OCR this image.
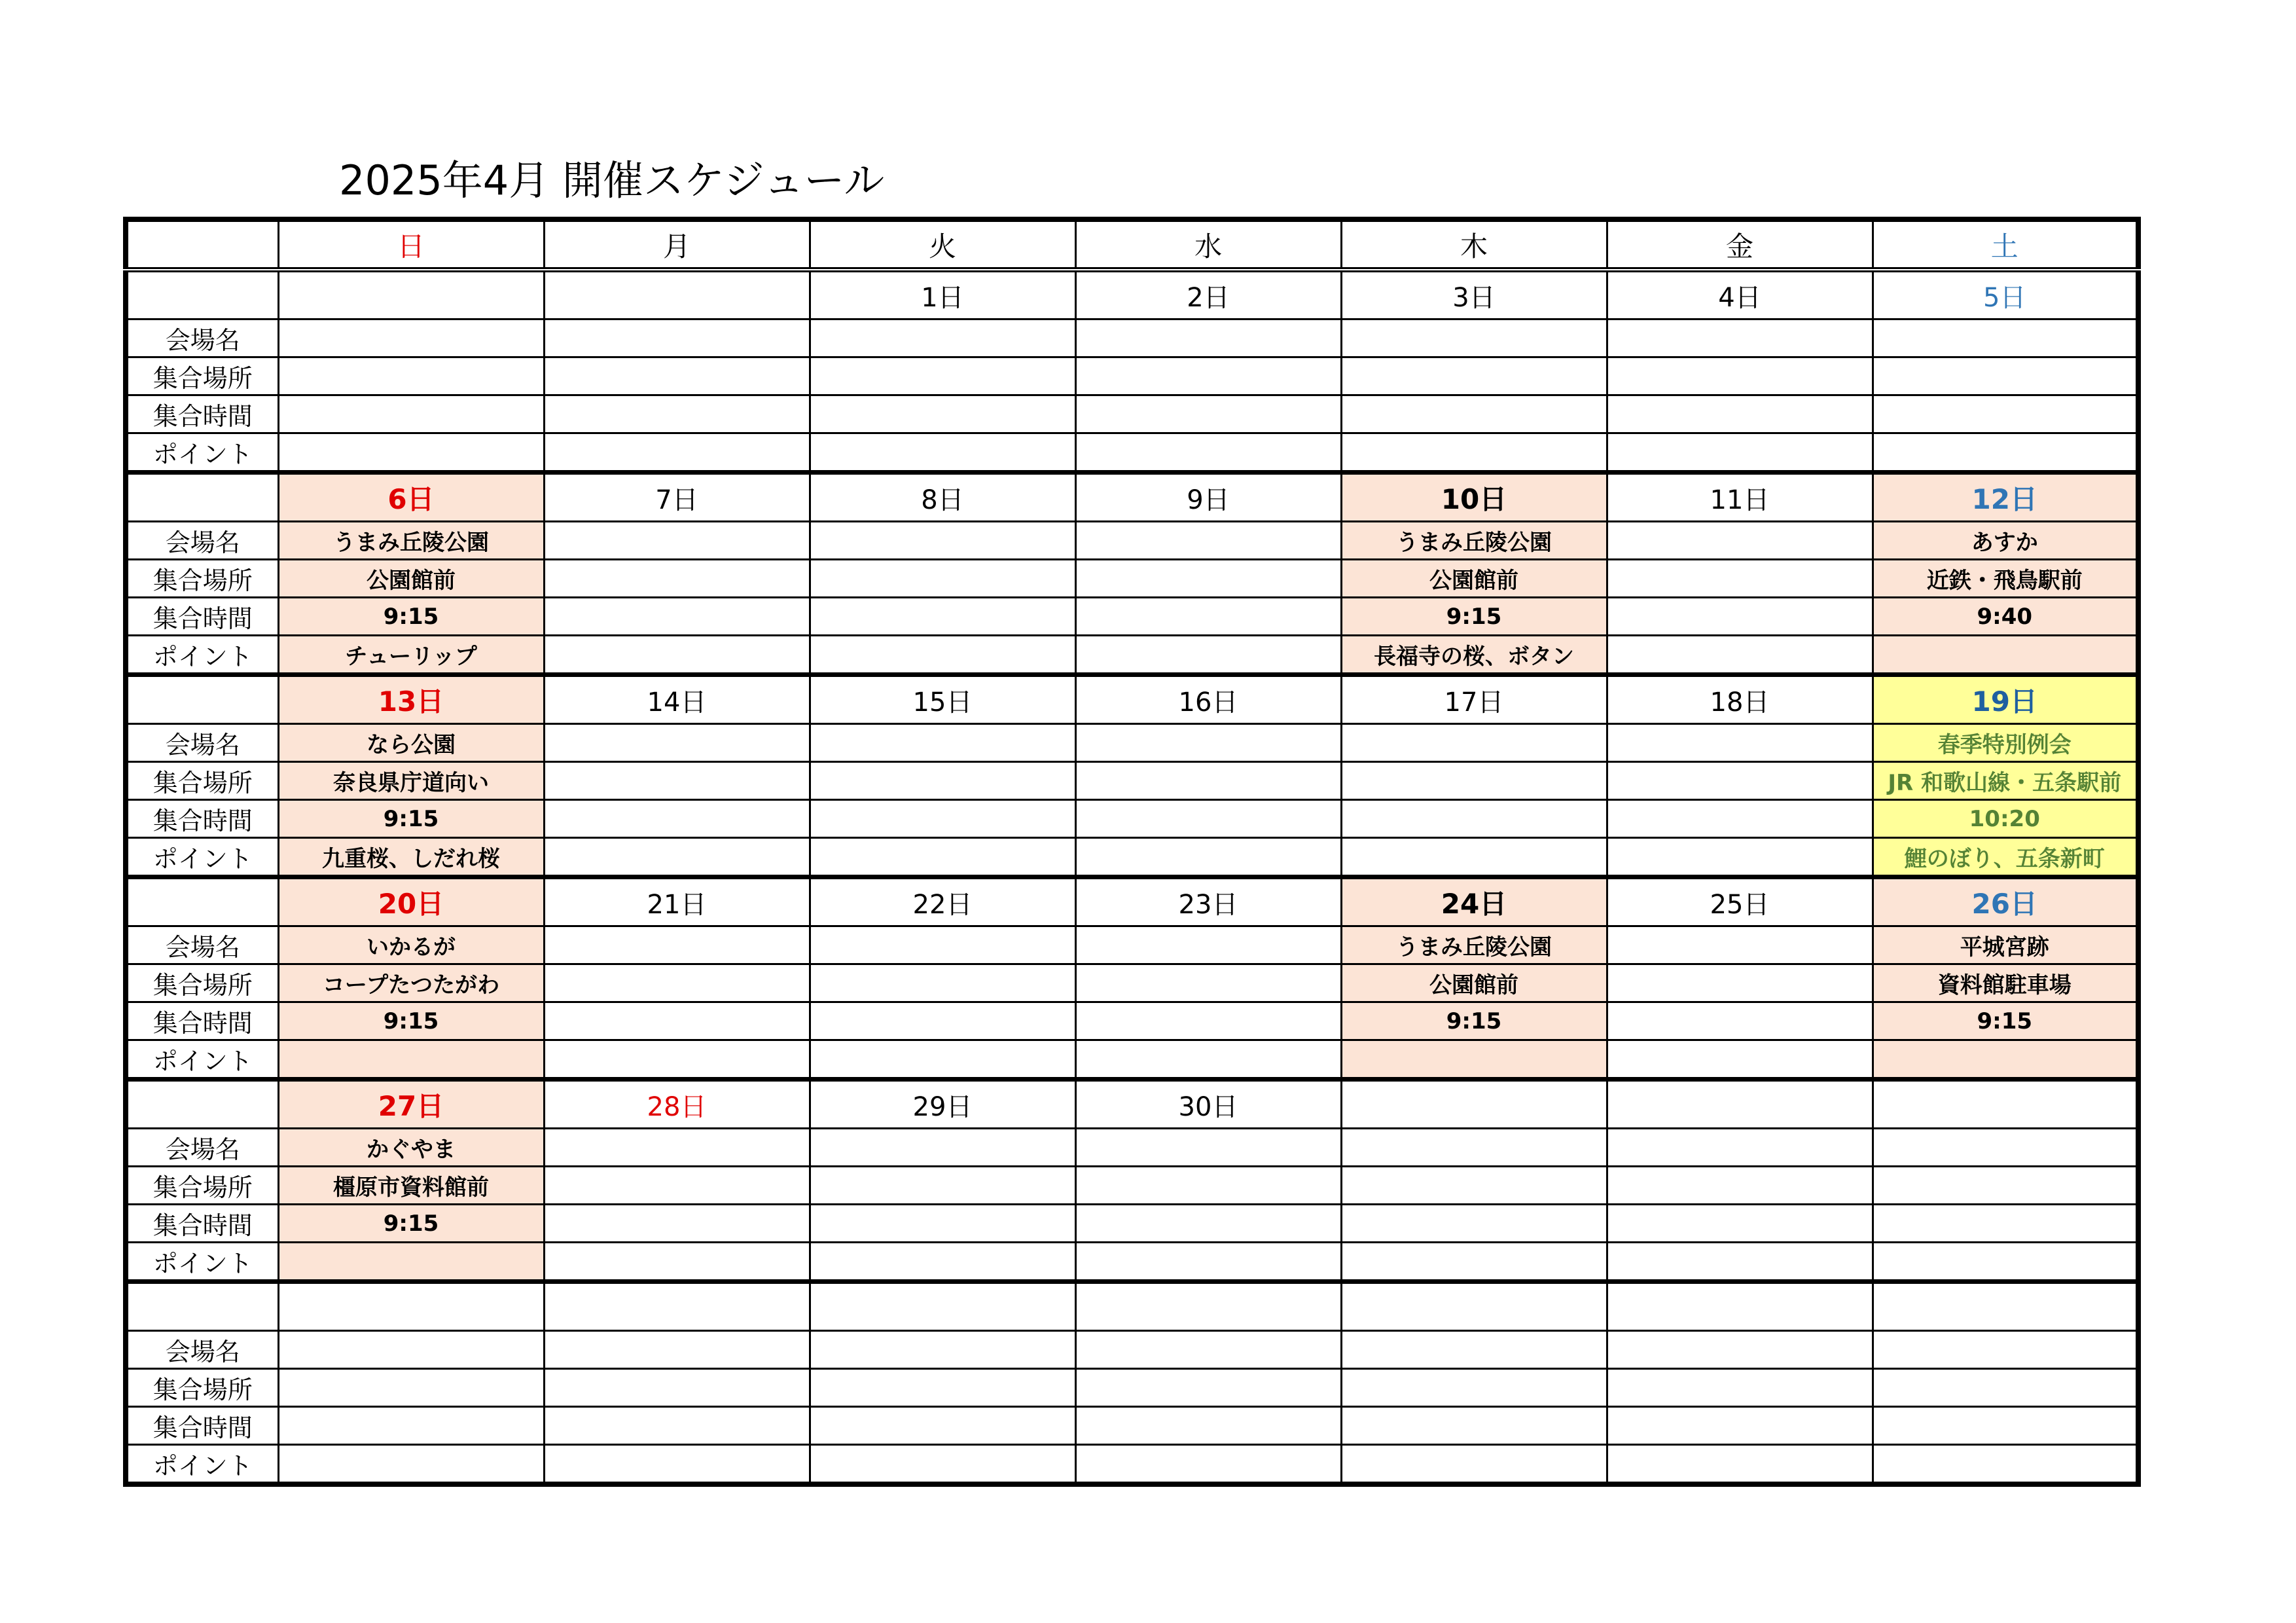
2025年4月 開催スケジュール
	日	月	火	水	木	金	土
			1日	2日	3日	4日	5日
会場名							
集合場所							
集合時間							
ポイント							
	6日	7日	8日	9日	10日	11日	12日
会場名	うまみ丘陵公園				うまみ丘陵公園		あすか
集合場所	公園館前				公園館前		近鉄・飛鳥駅前
集合時間	9:15				9:15		9:40
ポイント	チューリップ				長福寺の桜、ボタン		
	13日	14日	15日	16日	17日	18日	19日
会場名	なら公園						春季特別例会
集合場所	奈良県庁道向い						JR 和歌山線・五条駅前
集合時間	9:15						10:20
ポイント	九重桜、しだれ桜						鯉のぼり、五条新町
	20日	21日	22日	23日	24日	25日	26日
会場名	いかるが				うまみ丘陵公園		平城宮跡
集合場所	コープたつたがわ				公園館前		資料館駐車場
集合時間	9:15				9:15		9:15
ポイント							
	27日	28日	29日	30日			
会場名	かぐやま						
集合場所	橿原市資料館前						
集合時間	9:15						
ポイント							

会場名							
集合場所							
集合時間							
ポイント							
